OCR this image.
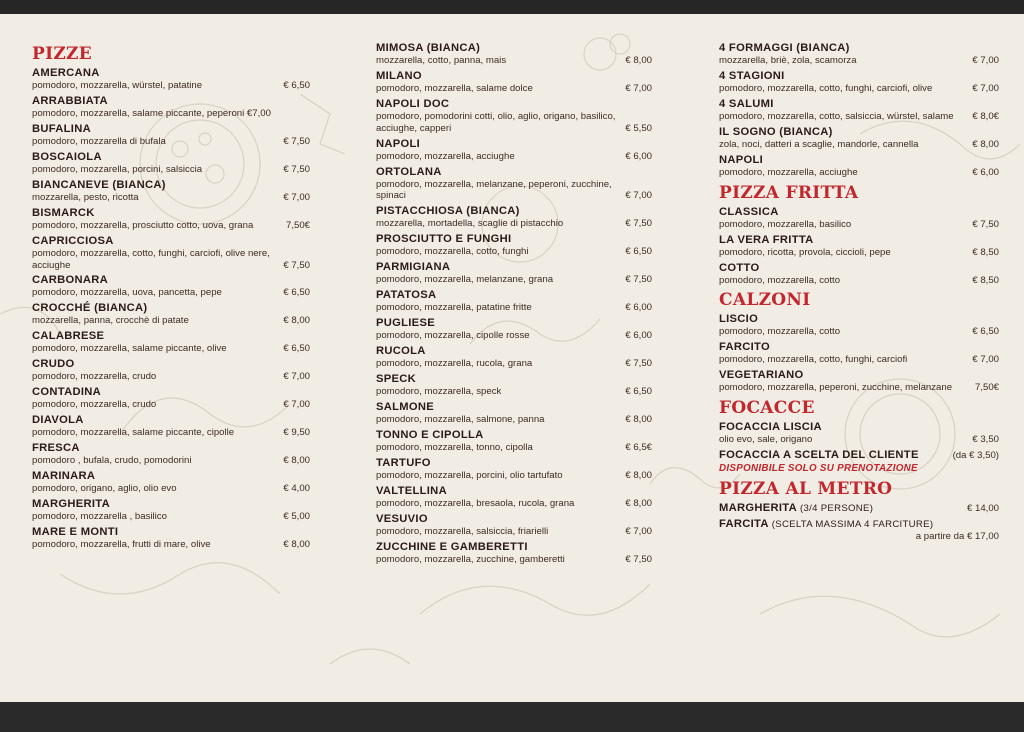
PIZZE
AMERCANA
pomodoro, mozzarella, würstel, patatine	€ 6,50
ARRABBIATA
pomodoro, mozzarella, salame piccante, peperoni €7,00
BUFALINA
pomodoro, mozzarella di bufala	€ 7,50
BOSCAIOLA
pomodoro, mozzarella, porcini, salsiccia	€ 7,50
BIANCANEVE (BIANCA)
mozzarella, pesto, ricotta	€ 7,00
BISMARCK
pomodoro, mozzarella, prosciutto cotto, uova, grana	7,50€
CAPRICCIOSA
pomodoro, mozzarella, cotto, funghi, carciofi, olive nere, acciughe	€ 7,50
CARBONARA
pomodoro, mozzarella, uova, pancetta, pepe	€ 6,50
CROCCHÉ (BIANCA)
mozzarella, panna, crocchè di patate	€ 8,00
CALABRESE
pomodoro, mozzarella, salame piccante, olive	€ 6,50
CRUDO
pomodoro, mozzarella, crudo	€ 7,00
CONTADINA
pomodoro, mozzarella, crudo	€ 7,00
DIAVOLA
pomodoro, mozzarella, salame piccante, cipolle	€ 9,50
FRESCA
pomodoro , bufala, crudo, pomodorini	€ 8,00
MARINARA
pomodoro, origano, aglio, olio evo	€ 4,00
MARGHERITA
pomodoro, mozzarella , basilico	€ 5,00
MARE E MONTI
pomodoro, mozzarella, frutti di mare, olive	€ 8,00
MIMOSA (BIANCA)
mozzarella, cotto, panna, mais	€ 8,00
MILANO
pomodoro, mozzarella, salame dolce	€ 7,00
NAPOLI DOC
pomodoro, pomodorini cotti, olio, aglio, origano, basilico, acciughe, capperi	€ 5,50
NAPOLI
pomodoro, mozzarella, acciughe	€ 6,00
ORTOLANA
pomodoro, mozzarella, melanzane, peperoni, zucchine, spinaci	€ 7,00
PISTACCHIOSA (BIANCA)
mozzarella, mortadella, scaglie di pistacchio	€ 7,50
PROSCIUTTO E FUNGHI
pomodoro, mozzarella, cotto, funghi	€ 6,50
PARMIGIANA
pomodoro, mozzarella, melanzane, grana	€ 7,50
PATATOSA
pomodoro, mozzarella, patatine fritte	€ 6,00
PUGLIESE
pomodoro, mozzarella, cipolle rosse	€ 6,00
RUCOLA
pomodoro, mozzarella, rucola, grana	€ 7,50
SPECK
pomodoro, mozzarella, speck	€ 6,50
SALMONE
pomodoro, mozzarella, salmone, panna	€ 8,00
TONNO E CIPOLLA
pomodoro, mozzarella, tonno, cipolla	€ 6,5€
TARTUFO
pomodoro, mozzarella, porcini, olio tartufato	€ 8,00
VALTELLINA
pomodoro, mozzarella, bresaola, rucola, grana	€ 8,00
VESUVIO
pomodoro, mozzarella, salsiccia, friarielli	€ 7,00
ZUCCHINE E GAMBERETTI
pomodoro, mozzarella, zucchine, gamberetti	€ 7,50
4 FORMAGGI (BIANCA)
mozzarella, briè, zola, scamorza	€ 7,00
4 STAGIONI
pomodoro, mozzarella, cotto, funghi, carciofi, olive	€ 7,00
4 SALUMI
pomodoro, mozzarella, cotto, salsiccia, würstel, salame	€ 8,0€
IL SOGNO (BIANCA)
zola, noci, datteri a scaglie, mandorle, cannella	€ 8,00
NAPOLI
pomodoro, mozzarella, acciughe	€ 6,00
PIZZA FRITTA
CLASSICA
pomodoro, mozzarella, basilico	€ 7,50
LA VERA FRITTA
pomodoro, ricotta, provola, ciccioli, pepe	€ 8,50
COTTO
pomodoro, mozzarella, cotto	€ 8,50
CALZONI
LISCIO
pomodoro, mozzarella, cotto	€ 6,50
FARCITO
pomodoro, mozzarella, cotto, funghi, carciofi	€ 7,00
VEGETARIANO
pomodoro, mozzarella, peperoni, zucchine, melanzane	7,50€
FOCACCE
FOCACCIA LISCIA
olio evo, sale, origano	€ 3,50
FOCACCIA A SCELTA DEL CLIENTE	(da € 3,50)
DISPONIBILE SOLO SU PRENOTAZIONE
PIZZA AL METRO
MARGHERITA (3/4 PERSONE)	€ 14,00
FARCITA (SCELTA MASSIMA 4 FARCITURE)
a partire da € 17,00
